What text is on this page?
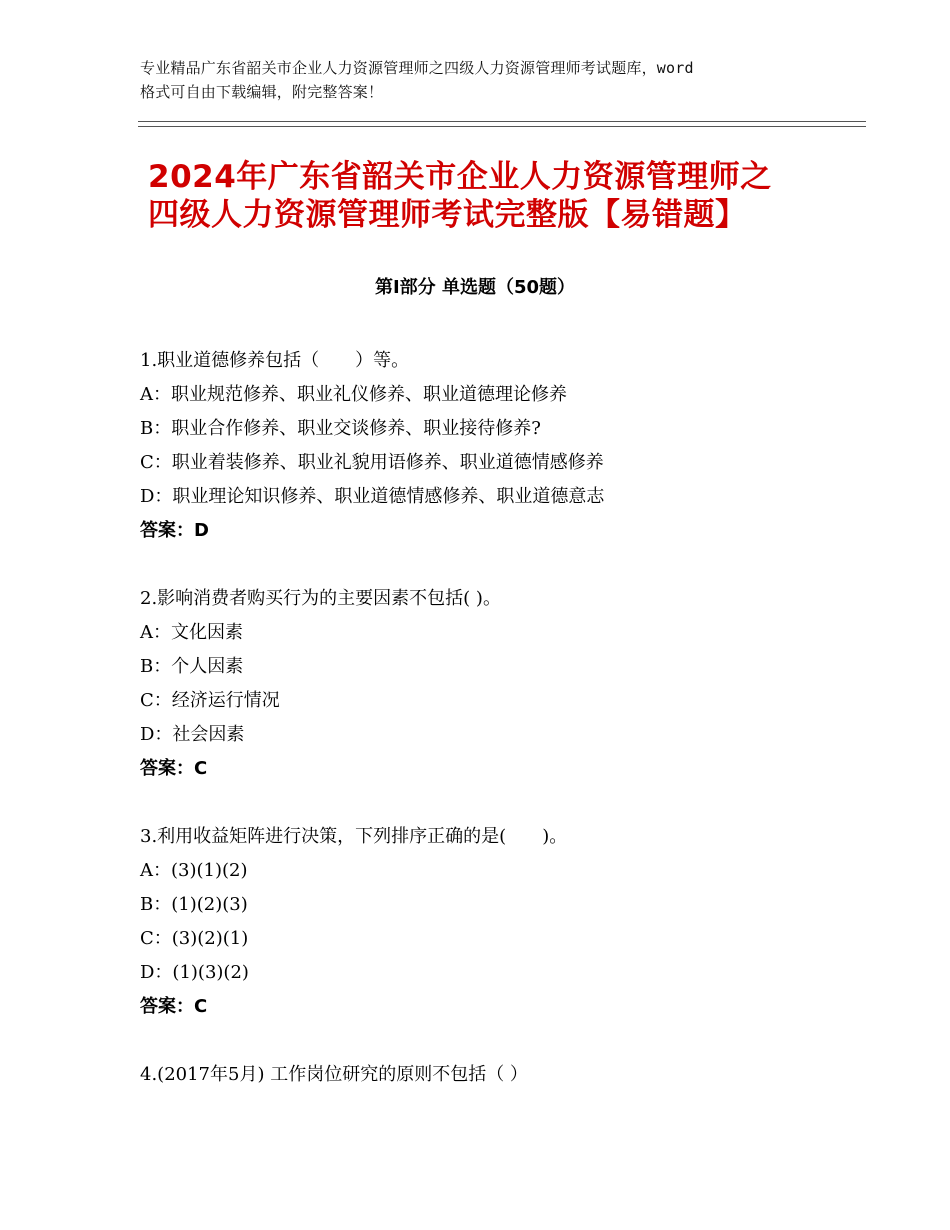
专业精品广东省韶关市企业人力资源管理师之四级人力资源管理师考试题库，word
格式可自由下载编辑，附完整答案！
2024年广东省韶关市企业人力资源管理师之
四级人力资源管理师考试完整版【易错题】
第Ⅰ部分 单选题（50题）
1.职业道德修养包括（　　）等。
A：职业规范修养、职业礼仪修养、职业道德理论修养
B：职业合作修养、职业交谈修养、职业接待修养?
C：职业着装修养、职业礼貌用语修养、职业道德情感修养
D：职业理论知识修养、职业道德情感修养、职业道德意志
答案：D
2.影响消费者购买行为的主要因素不包括( )。
A：文化因素
B：个人因素
C：经济运行情况
D：社会因素
答案：C
3.利用收益矩阵进行决策，下列排序正确的是(　　)。
A：(3)(1)(2)
B：(1)(2)(3)
C：(3)(2)(1)
D：(1)(3)(2)
答案：C
4.(2017年5月) 工作岗位研究的原则不包括（ ）
